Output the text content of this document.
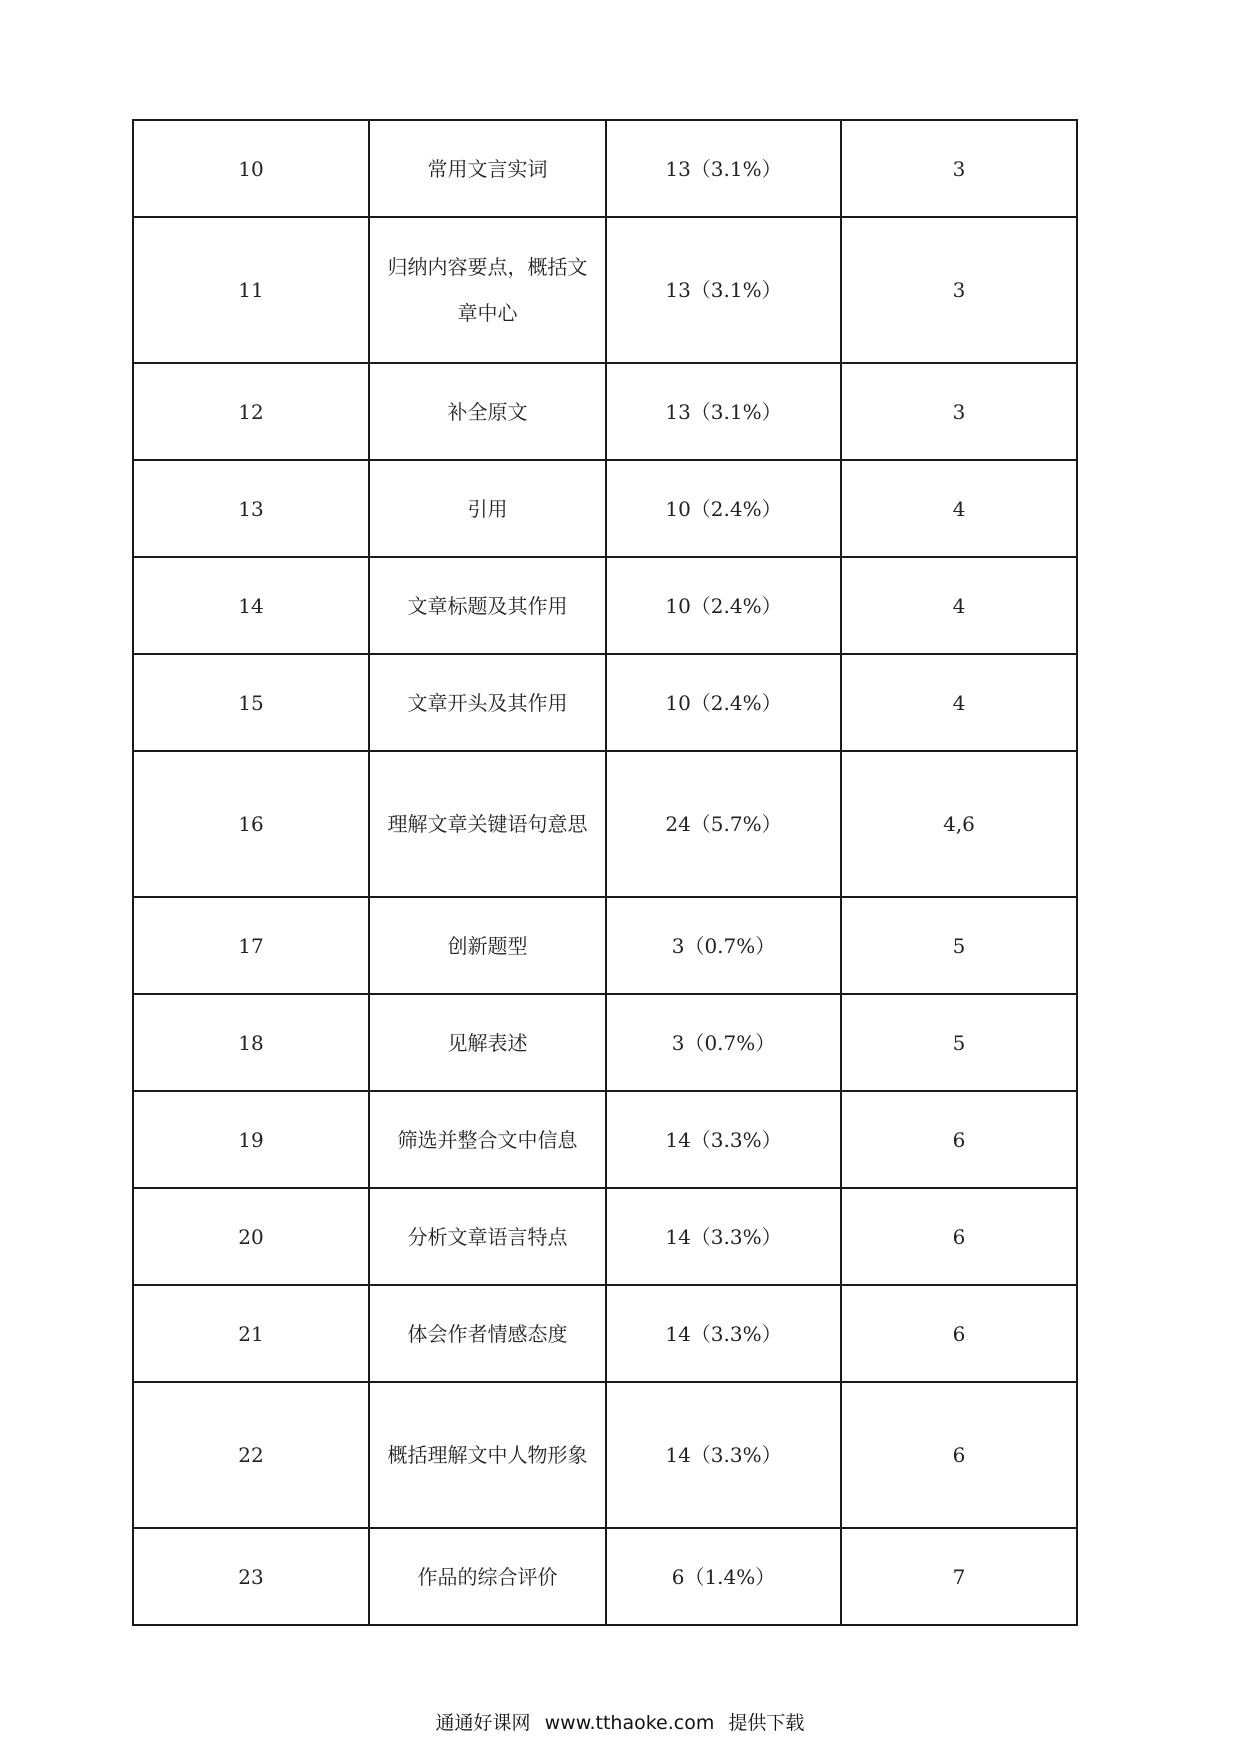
10	常用文言实词	13（3.1%）	3
11	归纳内容要点，概括文章中心	13（3.1%）	3
12	补全原文	13（3.1%）	3
13	引用	10（2.4%）	4
14	文章标题及其作用	10（2.4%）	4
15	文章开头及其作用	10（2.4%）	4
16	理解文章关键语句意思	24（5.7%）	4,6
17	创新题型	3（0.7%）	5
18	见解表述	3（0.7%）	5
19	筛选并整合文中信息	14（3.3%）	6
20	分析文章语言特点	14（3.3%）	6
21	体会作者情感态度	14（3.3%）	6
22	概括理解文中人物形象	14（3.3%）	6
23	作品的综合评价	6（1.4%）	7
通通好课网 www.tthaoke.com 提供下载
